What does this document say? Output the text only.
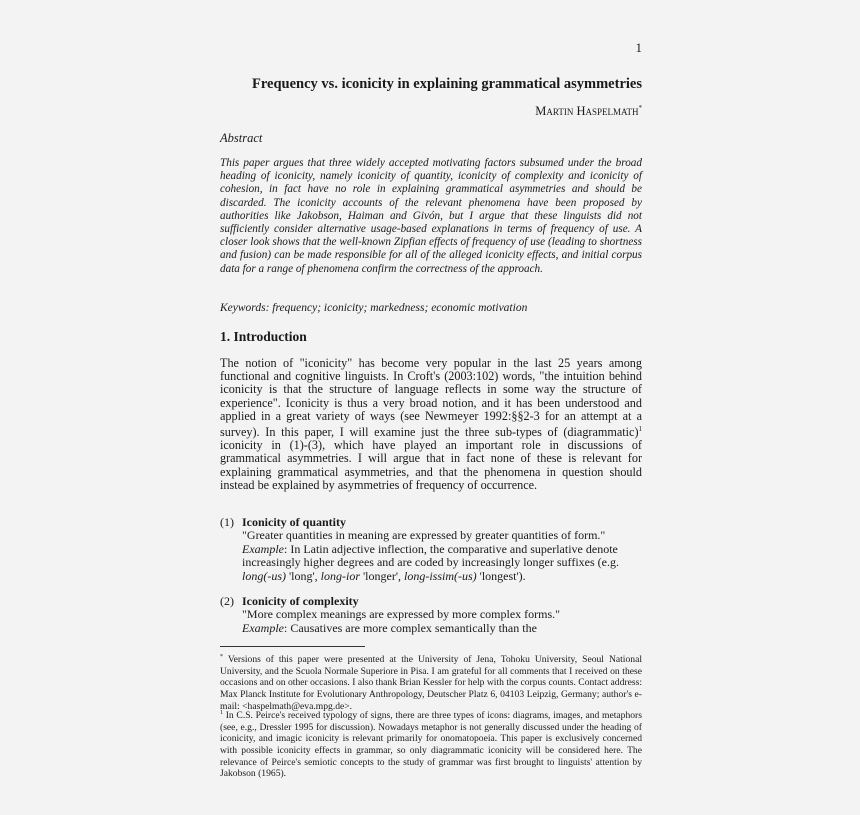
1
Frequency vs. iconicity in explaining grammatical asymmetries
Martin Haspelmath*
Abstract
This paper argues that three widely accepted motivating factors subsumed under the broad heading of iconicity, namely iconicity of quantity, iconicity of complexity and iconicity of cohesion, in fact have no role in explaining grammatical asymmetries and should be discarded. The iconicity accounts of the relevant phenomena have been proposed by authorities like Jakobson, Haiman and Givón, but I argue that these linguists did not sufficiently consider alternative usage-based explanations in terms of frequency of use. A closer look shows that the well-known Zipfian effects of frequency of use (leading to shortness and fusion) can be made responsible for all of the alleged iconicity effects, and initial corpus data for a range of phenomena confirm the correctness of the approach.
Keywords: frequency; iconicity; markedness; economic motivation
1. Introduction
The notion of "iconicity" has become very popular in the last 25 years among functional and cognitive linguists. In Croft's (2003:102) words, "the intuition behind iconicity is that the structure of language reflects in some way the structure of experience". Iconicity is thus a very broad notion, and it has been understood and applied in a great variety of ways (see Newmeyer 1992:§§2-3 for an attempt at a survey). In this paper, I will examine just the three sub-types of (diagrammatic)$^1$ iconicity in (1)-(3), which have played an important role in discussions of grammatical asymmetries. I will argue that in fact none of these is relevant for explaining grammatical asymmetries, and that the phenomena in question should instead be explained by asymmetries of frequency of occurrence.
(1) Iconicity of quantity
"Greater quantities in meaning are expressed by greater quantities of form."
Example: In Latin adjective inflection, the comparative and superlative denote increasingly higher degrees and are coded by increasingly longer suffixes (e.g. long(-us) 'long', long-ior 'longer', long-issim(-us) 'longest').
(2) Iconicity of complexity
"More complex meanings are expressed by more complex forms."
Example: Causatives are more complex semantically than the
* Versions of this paper were presented at the University of Jena, Tohoku University, Seoul National University, and the Scuola Normale Superiore in Pisa. I am grateful for all comments that I received on these occasions and on other occasions. I also thank Brian Kessler for help with the corpus counts. Contact address: Max Planck Institute for Evolutionary Anthropology, Deutscher Platz 6, 04103 Leipzig, Germany; author's e-mail: <haspelmath@eva.mpg.de>.
$^1$ In C.S. Peirce's received typology of signs, there are three types of icons: diagrams, images, and metaphors (see, e.g., Dressler 1995 for discussion). Nowadays metaphor is not generally discussed under the heading of iconicity, and imagic iconicity is relevant primarily for onomatopoeia. This paper is exclusively concerned with possible iconicity effects in grammar, so only diagrammatic iconicity will be considered here. The relevance of Peirce's semiotic concepts to the study of grammar was first brought to linguists' attention by Jakobson (1965).
